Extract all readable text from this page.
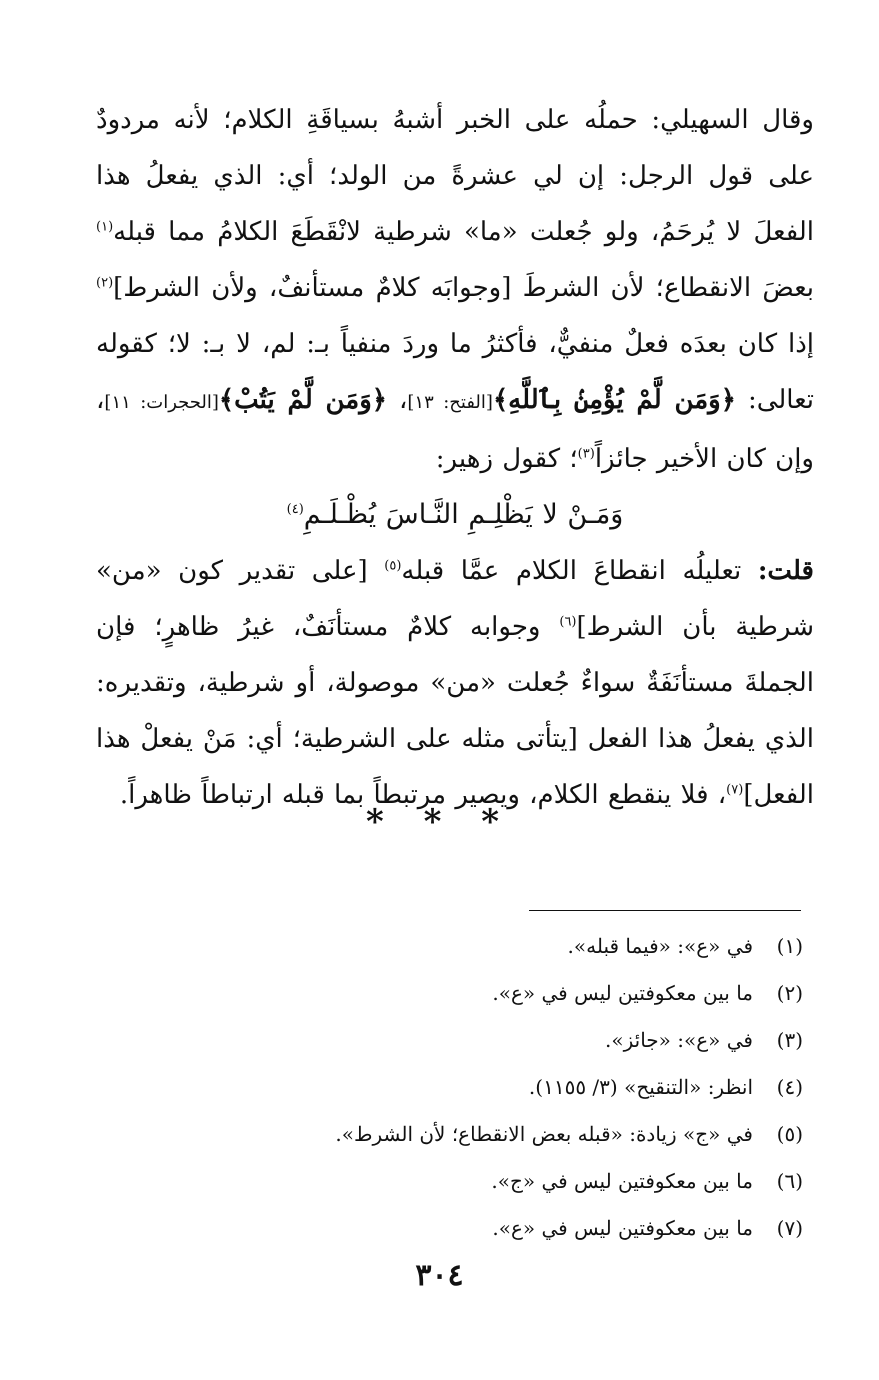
وقال السهيلي: حملُه على الخبر أشبهُ بسياقَةِ الكلام؛ لأنه مردودٌ على قول الرجل: إن لي عشرةً من الولد؛ أي: الذي يفعلُ هذا الفعلَ لا يُرحَمُ، ولو جُعلت «ما» شرطية لانْقَطَعَ الكلامُ مما قبله$^{(١)}$ بعضَ الانقطاع؛ لأن الشرطَ [وجوابَه كلامٌ مستأنفٌ، ولأن الشرط]$^{(٢)}$ إذا كان بعدَه فعلٌ منفيٌّ، فأكثرُ ما وردَ منفياً بـ: لم، لا بـ: لا؛ كقوله تعالى: ﴿وَمَن لَّمْ يُؤْمِنۢ بِٱللَّهِ﴾[الفتح: ١٣]، ﴿وَمَن لَّمْ يَتُبْ﴾[الحجرات: ١١]، وإن كان الأخير جائزاً$^{(٣)}$؛ كقول زهير:

وَمَـنْ لا يَظْلِـمِ النَّـاسَ يُظْـلَـمِ$^{(٤)}$

قلت: تعليلُه انقطاعَ الكلام عمَّا قبله$^{(٥)}$ [على تقدير كون «من» شرطية بأن الشرط]$^{(٦)}$ وجوابه كلامٌ مستأنَفٌ، غيرُ ظاهرٍ؛ فإن الجملةَ مستأنَفَةٌ سواءٌ جُعلت «من» موصولة، أو شرطية، وتقديره: الذي يفعلُ هذا الفعل [يتأتى مثله على الشرطية؛ أي: مَنْ يفعلْ هذا الفعل]$^{(٧)}$، فلا ينقطع الكلام، ويصير مرتبطاً بما قبله ارتباطاً ظاهراً.

* * *
(١)في «ع»: «فيما قبله».
(٢)ما بين معكوفتين ليس في «ع».
(٣)في «ع»: «جائز».
(٤)انظر: «التنقيح» (٣/ ١١٥٥).
(٥)في «ج» زيادة: «قبله بعض الانقطاع؛ لأن الشرط».
(٦)ما بين معكوفتين ليس في «ج».
(٧)ما بين معكوفتين ليس في «ع».
٣٠٤
